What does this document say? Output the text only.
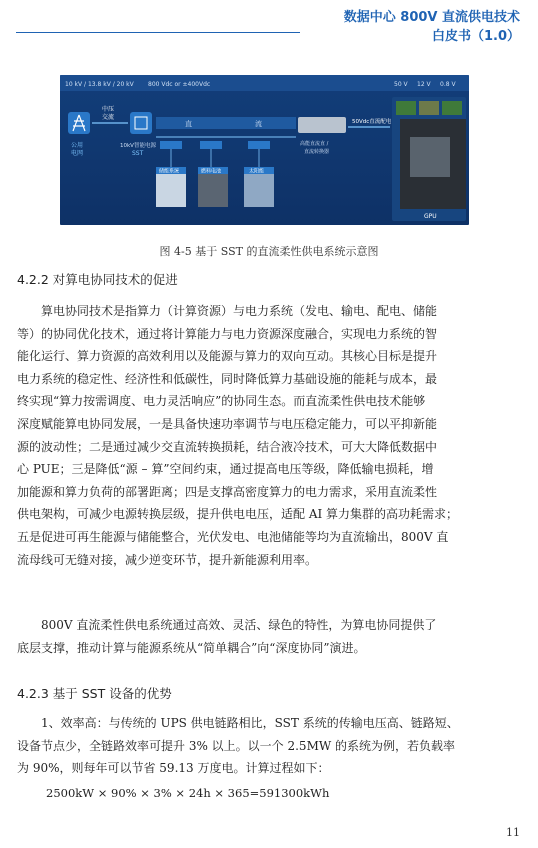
数据中心 800V 直流供电技术
白皮书（1.0）
10 kV / 13.8 kV / 20 kV 800 Vdc or ±400Vdc	50 V 12 V 0.8 V
公用
电网
中压
交流
10kV智能电源
SST
直	流
储能系统	燃料电池	太阳能
高能直流直 /
直流转换器
50Vdc直流配电
GPU
图 4-5 基于 SST 的直流柔性供电系统示意图
4.2.2 对算电协同技术的促进
算电协同技术是指算力（计算资源）与电力系统（发电、输电、配电、储能
等）的协同优化技术，通过将计算能力与电力资源深度融合，实现电力系统的智
能化运行、算力资源的高效利用以及能源与算力的双向互动。其核心目标是提升
电力系统的稳定性、经济性和低碳性，同时降低算力基础设施的能耗与成本，最
终实现“算力按需调度、电力灵活响应”的协同生态。而直流柔性供电技术能够
深度赋能算电协同发展，一是具备快速功率调节与电压稳定能力，可以平抑新能
源的波动性；二是通过减少交直流转换损耗，结合液冷技术，可大大降低数据中
心 PUE；三是降低“源 – 算”空间约束，通过提高电压等级，降低输电损耗，增
加能源和算力负荷的部署距离；四是支撑高密度算力的电力需求，采用直流柔性
供电架构，可减少电源转换层级，提升供电电压，适配 AI 算力集群的高功耗需求；
五是促进可再生能源与储能整合，光伏发电、电池储能等均为直流输出，800V 直
流母线可无缝对接，减少逆变环节，提升新能源利用率。
800V 直流柔性供电系统通过高效、灵活、绿色的特性，为算电协同提供了
底层支撑，推动计算与能源系统从“简单耦合”向“深度协同”演进。
4.2.3 基于 SST 设备的优势
1、效率高：与传统的 UPS 供电链路相比，SST 系统的传输电压高、链路短、
设备节点少，全链路效率可提升 3% 以上。以一个 2.5MW 的系统为例，若负载率
为 90%，则每年可以节省 59.13 万度电。计算过程如下：
2500kW × 90% × 3% × 24h × 365=591300kWh
11
